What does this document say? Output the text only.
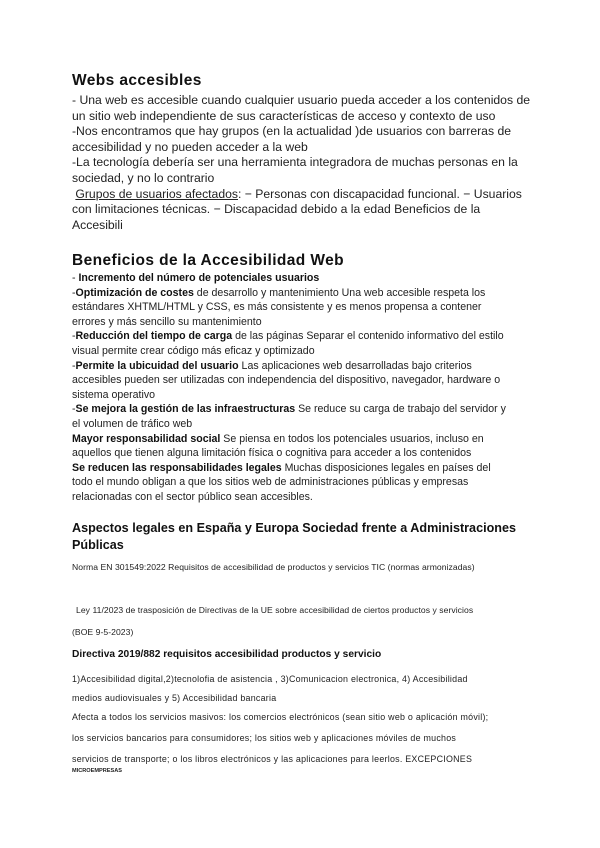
Webs accesibles

- Una web es accesible cuando cualquier usuario pueda acceder a los contenidos de
un sitio web independiente de sus características de acceso y contexto de uso
-Nos encontramos que hay grupos (en la actualidad )de usuarios con barreras de
accesibilidad y no pueden acceder a la web
-La tecnología debería ser una herramienta integradora de muchas personas en la
sociedad, y no lo contrario
Grupos de usuarios afectados: − Personas con discapacidad funcional. − Usuarios
con limitaciones técnicas. − Discapacidad debido a la edad Beneficios de la
Accesibili

Beneficios de la Accesibilidad Web

- Incremento del número de potenciales usuarios
-Optimización de costes de desarrollo y mantenimiento Una web accesible respeta los
estándares XHTML/HTML y CSS, es más consistente y es menos propensa a contener
errores y más sencillo su mantenimiento
-Reducción del tiempo de carga de las páginas Separar el contenido informativo del estilo
visual permite crear código más eficaz y optimizado
-Permite la ubicuidad del usuario Las aplicaciones web desarrolladas bajo criterios
accesibles pueden ser utilizadas con independencia del dispositivo, navegador, hardware o
sistema operativo
-Se mejora la gestión de las infraestructuras Se reduce su carga de trabajo del servidor y
el volumen de tráfico web
Mayor responsabilidad social Se piensa en todos los potenciales usuarios, incluso en
aquellos que tienen alguna limitación física o cognitiva para acceder a los contenidos
Se reducen las responsabilidades legales Muchas disposiciones legales en países del
todo el mundo obligan a que los sitios web de administraciones públicas y empresas
relacionadas con el sector público sean accesibles.

Aspectos legales en España y Europa Sociedad frente a Administraciones
Públicas

Norma EN 301549:2022 Requisitos de accesibilidad de productos y servicios TIC (normas armonizadas)

Ley 11/2023 de trasposición de Directivas de la UE sobre accesibilidad de ciertos productos y servicios

(BOE 9-5-2023)

Directiva 2019/882 requisitos accesibilidad productos y servicio

1)Accesibilidad digital,2)tecnolofia de asistencia , 3)Comunicacion electronica, 4) Accesibilidad
medios audiovisuales y 5) Accesibilidad bancaria
Afecta a todos los servicios masivos: los comercios electrónicos (sean sitio web o aplicación móvil);
los servicios bancarios para consumidores; los sitios web y aplicaciones móviles de muchos
servicios de transporte; o los libros electrónicos y las aplicaciones para leerlos. EXCEPCIONES

MICROEMPRESAS
